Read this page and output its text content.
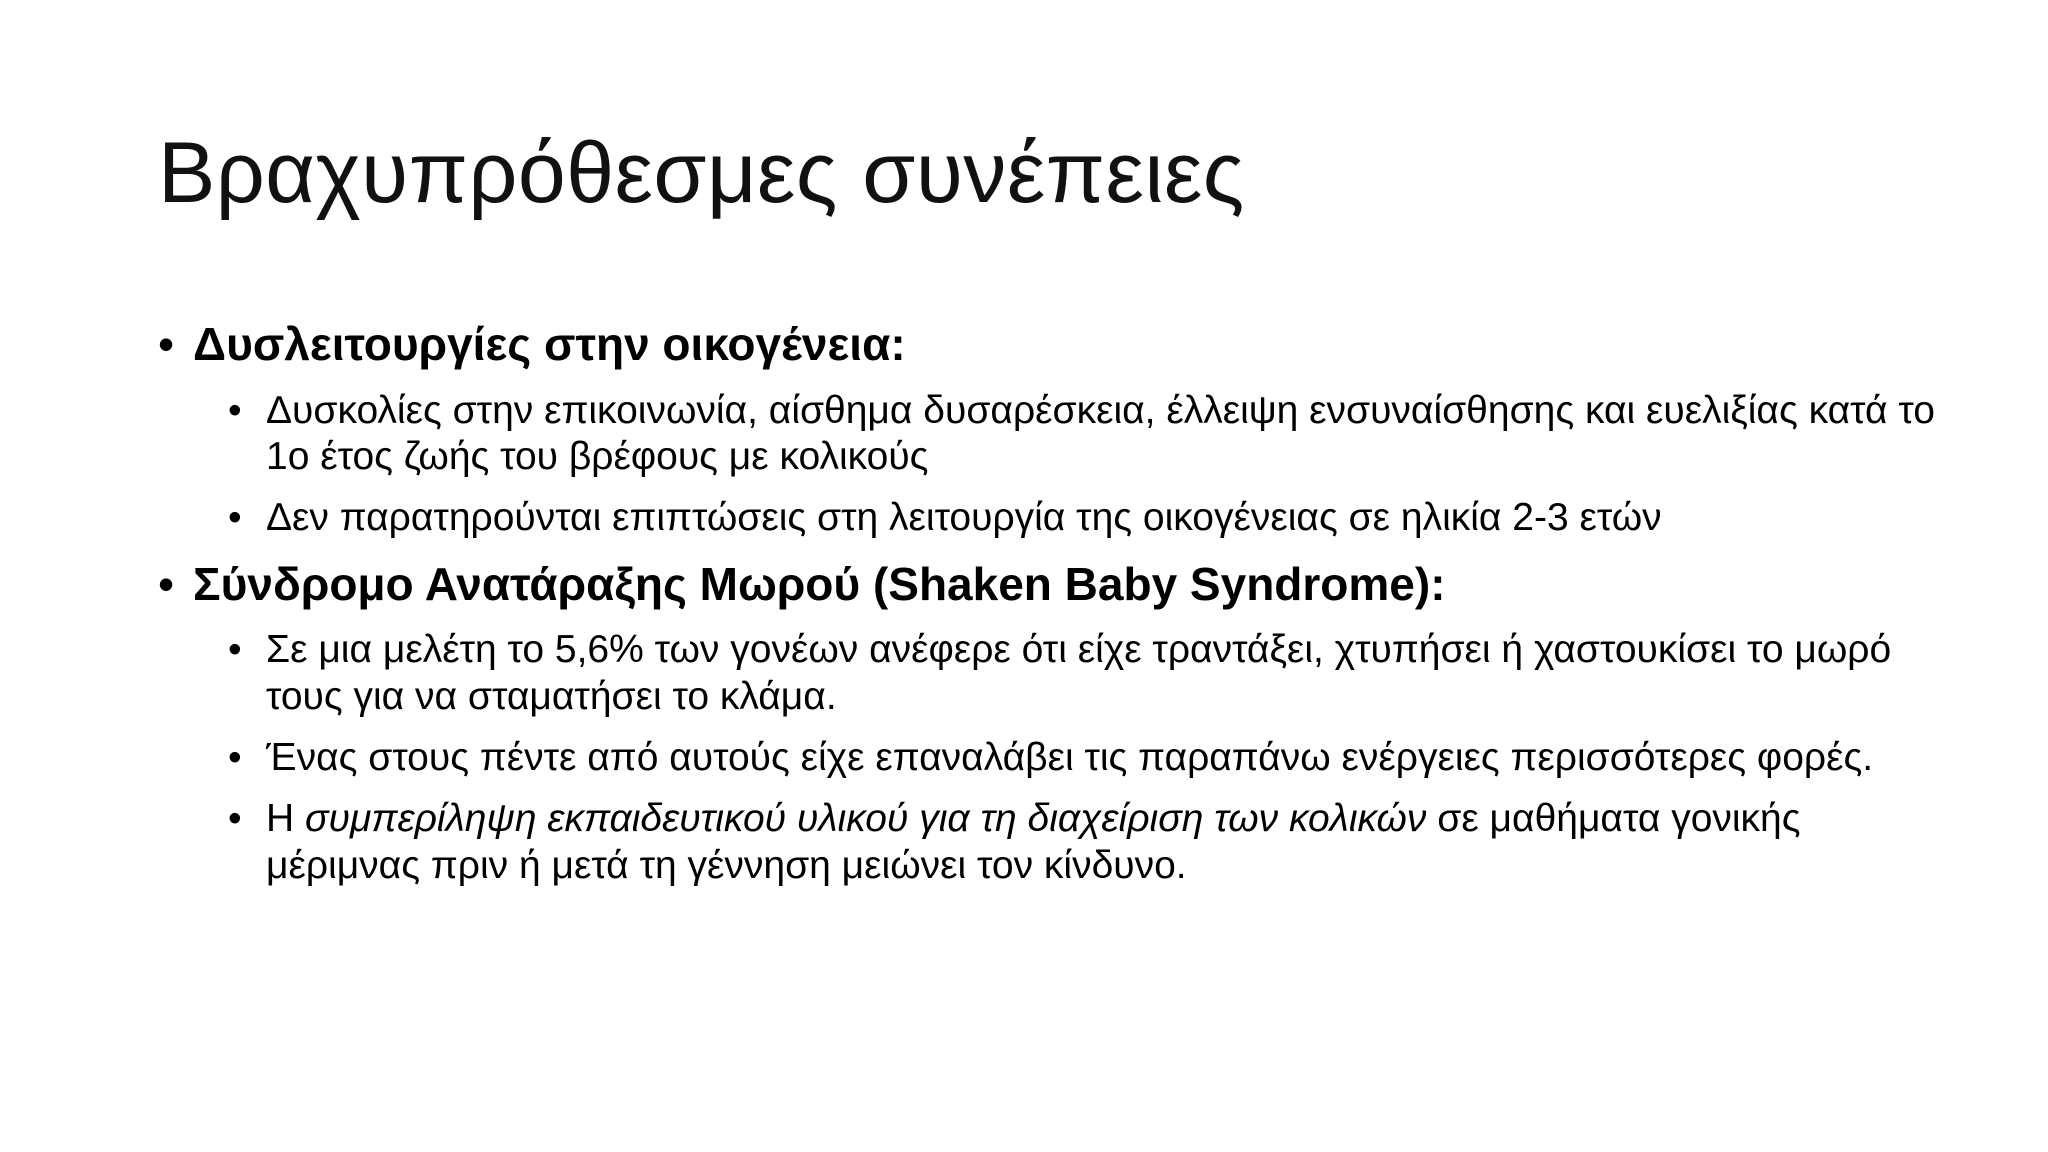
Βραχυπρόθεσμες συνέπειες
• Δυσλειτουργίες στην οικογένεια:
• Δυσκολίες στην επικοινωνία, αίσθημα δυσαρέσκεια, έλλειψη ενσυναίσθησης και ευελιξίας κατά το 1ο έτος ζωής του βρέφους με κολικούς
• Δεν παρατηρούνται επιπτώσεις στη λειτουργία της οικογένειας σε ηλικία 2-3 ετών
• Σύνδρομο Ανατάραξης Μωρού (Shaken Baby Syndrome):
• Σε μια μελέτη το 5,6% των γονέων ανέφερε ότι είχε τραντάξει, χτυπήσει ή χαστουκίσει το μωρό τους για να σταματήσει το κλάμα.
• Ένας στους πέντε από αυτούς είχε επαναλάβει τις παραπάνω ενέργειες περισσότερες φορές.
• Η συμπερίληψη εκπαιδευτικού υλικού για τη διαχείριση των κολικών σε μαθήματα γονικής μέριμνας πριν ή μετά τη γέννηση μειώνει τον κίνδυνο.
